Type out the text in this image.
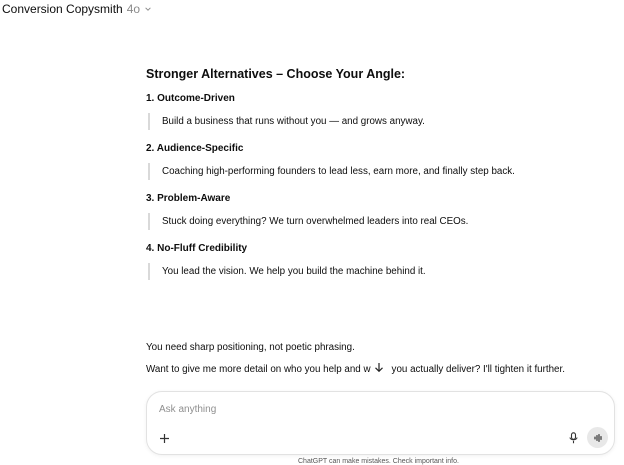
Conversion Copysmith 4o
Stronger Alternatives – Choose Your Angle:
1. Outcome-Driven
Build a business that runs without you — and grows anyway.
2. Audience-Specific
Coaching high-performing founders to lead less, earn more, and finally step back.
3. Problem-Aware
Stuck doing everything? We turn overwhelmed leaders into real CEOs.
4. No-Fluff Credibility
You lead the vision. We help you build the machine behind it.
You need sharp positioning, not poetic phrasing.
Want to give me more detail on who you help and w you actually deliver? I'll tighten it further.
Ask anything
ChatGPT can make mistakes. Check important info.
